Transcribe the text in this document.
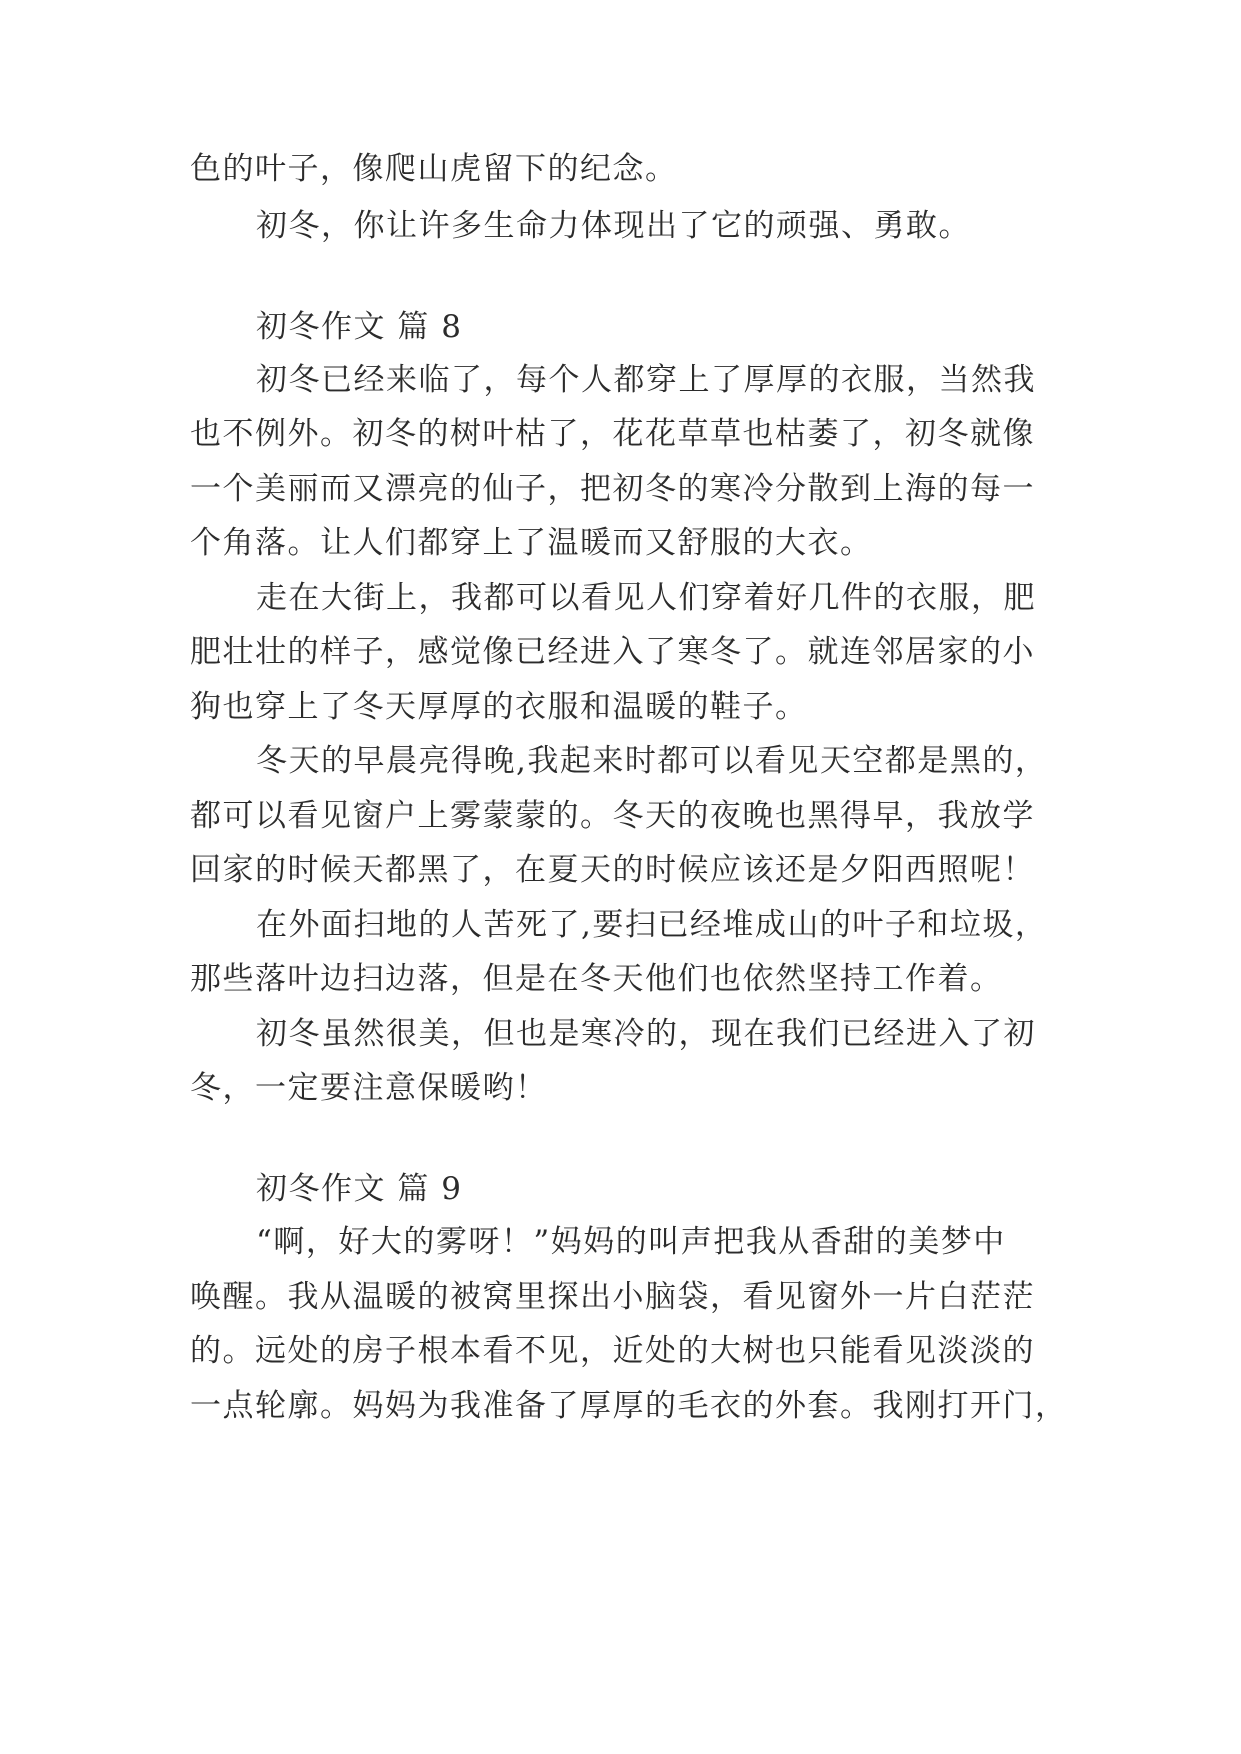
色的叶子，像爬山虎留下的纪念。
初冬，你让许多生命力体现出了它的顽强、勇敢。
初冬作文 篇 8
初冬已经来临了，每个人都穿上了厚厚的衣服，当然我
也不例外。初冬的树叶枯了，花花草草也枯萎了，初冬就像
一个美丽而又漂亮的仙子，把初冬的寒冷分散到上海的每一
个角落。让人们都穿上了温暖而又舒服的大衣。
走在大街上，我都可以看见人们穿着好几件的衣服，肥
肥壮壮的样子，感觉像已经进入了寒冬了。就连邻居家的小
狗也穿上了冬天厚厚的衣服和温暖的鞋子。
冬天的早晨亮得晚,我起来时都可以看见天空都是黑的，
都可以看见窗户上雾蒙蒙的。冬天的夜晚也黑得早，我放学
回家的时候天都黑了，在夏天的时候应该还是夕阳西照呢！
在外面扫地的人苦死了,要扫已经堆成山的叶子和垃圾，
那些落叶边扫边落，但是在冬天他们也依然坚持工作着。
初冬虽然很美，但也是寒冷的，现在我们已经进入了初
冬，一定要注意保暖哟！
初冬作文 篇 9
“啊，好大的雾呀！”妈妈的叫声把我从香甜的美梦中
唤醒。我从温暖的被窝里探出小脑袋，看见窗外一片白茫茫
的。远处的房子根本看不见，近处的大树也只能看见淡淡的
一点轮廓。妈妈为我准备了厚厚的毛衣的外套。我刚打开门，
